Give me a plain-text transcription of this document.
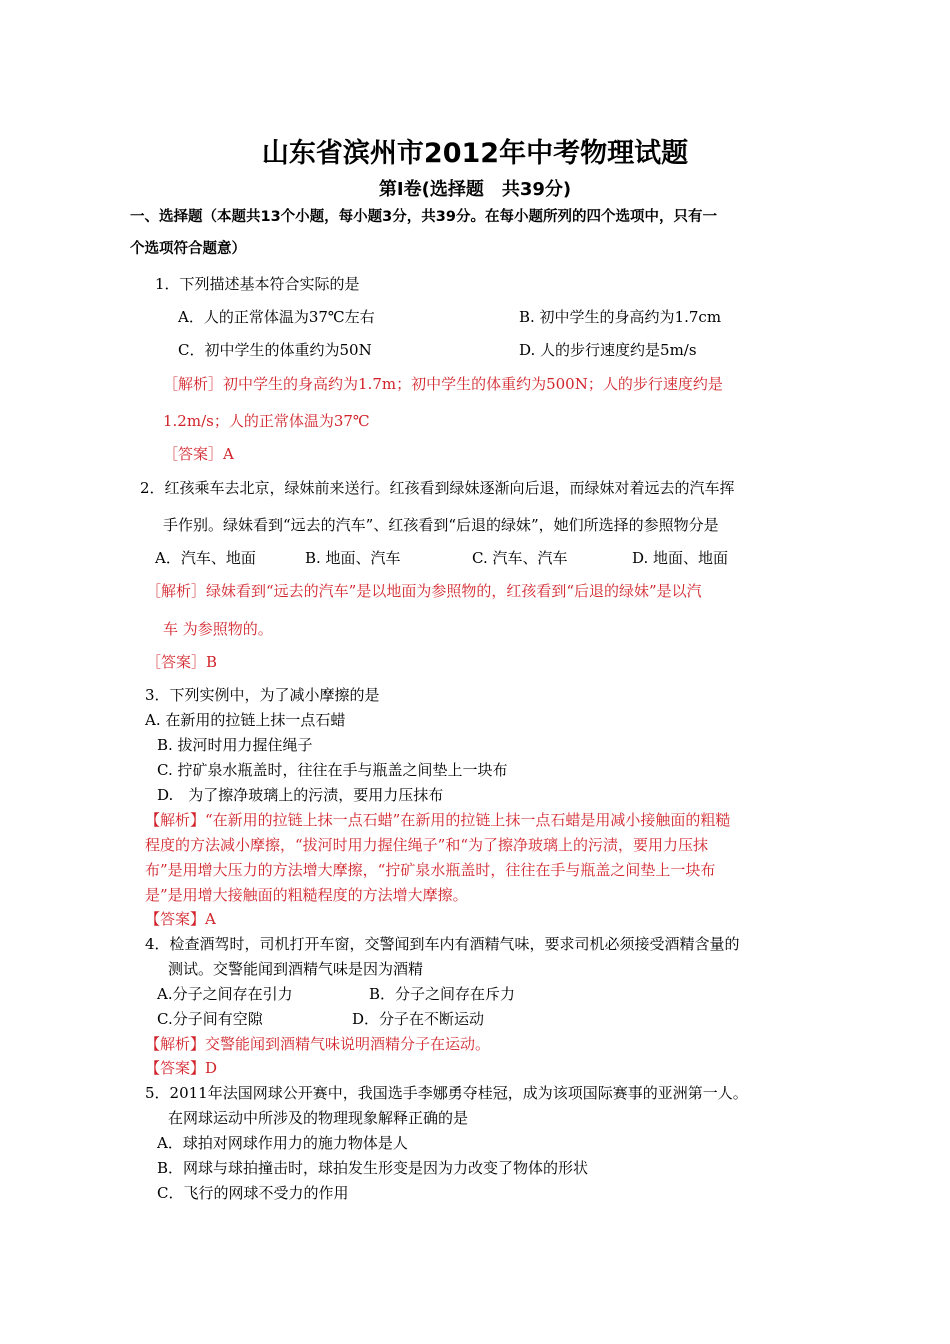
山东省滨州市2012年中考物理试题
第Ⅰ卷(选择题　共39分)
一、选择题（本题共13个小题，每小题3分，共39分。在每小题所列的四个选项中，只有一
个选项符合题意）
1．下列描述基本符合实际的是
A．人的正常体温为37℃左右	B. 初中学生的身高约为1.7cm
C．初中学生的体重约为50N	D. 人的步行速度约是5m/s
［解析］初中学生的身高约为1.7m；初中学生的体重约为500N；人的步行速度约是
1.2m/s；人的正常体温为37℃
［答案］A
2．红孩乘车去北京，绿妹前来送行。红孩看到绿妹逐渐向后退，而绿妹对着远去的汽车挥
手作别。绿妹看到“远去的汽车”、红孩看到“后退的绿妹”，她们所选择的参照物分是
A．汽车、地面	B. 地面、汽车	C. 汽车、汽车	D. 地面、地面
［解析］绿妹看到“远去的汽车”是以地面为参照物的，红孩看到“后退的绿妹”是以汽
车 为参照物的。
［答案］B
3．下列实例中，为了减小摩擦的是
A. 在新用的拉链上抹一点石蜡
B. 拔河时用力握住绳子
C. 拧矿泉水瓶盖时，往往在手与瓶盖之间垫上一块布
D.　为了擦净玻璃上的污渍，要用力压抹布
【解析】“在新用的拉链上抹一点石蜡”在新用的拉链上抹一点石蜡是用减小接触面的粗糙
程度的方法减小摩擦，“拔河时用力握住绳子”和“为了擦净玻璃上的污渍，要用力压抹
布”是用增大压力的方法增大摩擦，“拧矿泉水瓶盖时，往往在手与瓶盖之间垫上一块布
是”是用增大接触面的粗糙程度的方法增大摩擦。
【答案】A
4．检查酒驾时，司机打开车窗，交警闻到车内有酒精气味，要求司机必须接受酒精含量的
测试。交警能闻到酒精气味是因为酒精
A.分子之间存在引力	B．分子之间存在斥力
C.分子间有空隙	D．分子在不断运动
【解析】交警能闻到酒精气味说明酒精分子在运动。
【答案】D
5．2011年法国网球公开赛中，我国选手李娜勇夺桂冠，成为该项国际赛事的亚洲第一人。
在网球运动中所涉及的物理现象解释正确的是
A．球拍对网球作用力的施力物体是人
B．网球与球拍撞击时，球拍发生形变是因为力改变了物体的形状
C．飞行的网球不受力的作用
